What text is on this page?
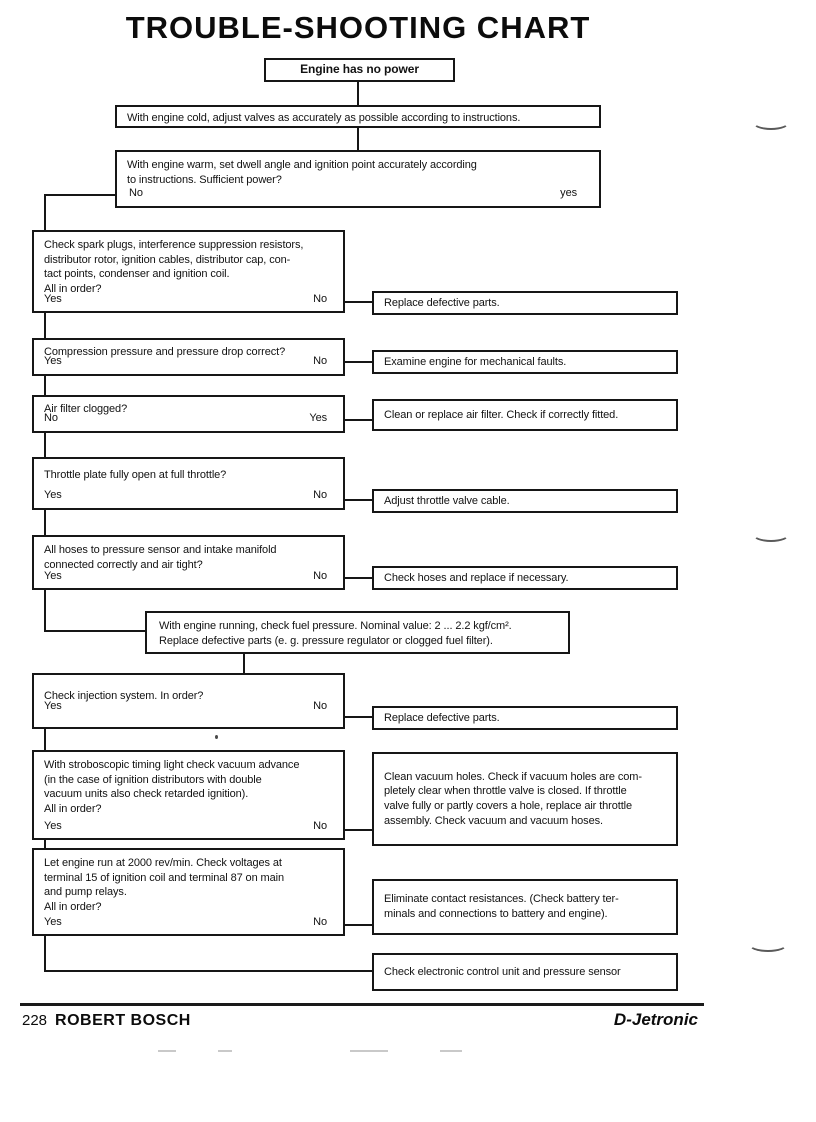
TROUBLE-SHOOTING CHART
Engine has no power
With engine cold, adjust valves as accurately as possible according to instructions.
With engine warm, set dwell angle and ignition point accurately according
to instructions. Sufficient power?
No	yes
Check spark plugs, interference suppression resistors,
distributor rotor, ignition cables, distributor cap, con-
tact points, condenser and ignition coil.
All in order?
Yes	No	Replace defective parts.
Compression pressure and pressure drop correct?
Yes	No	Examine engine for mechanical faults.
Air filter clogged?
No	Yes	Clean or replace air filter. Check if correctly fitted.
Throttle plate fully open at full throttle?
Yes	No	Adjust throttle valve cable.
All hoses to pressure sensor and intake manifold
connected correctly and air tight?
Yes	No	Check hoses and replace if necessary.
With engine running, check fuel pressure. Nominal value: 2 ... 2.2 kgf/cm².
Replace defective parts (e. g. pressure regulator or clogged fuel filter).
Check injection system. In order?
Yes	No
Replace defective parts.
With stroboscopic timing light check vacuum advance
(in the case of ignition distributors with double
vacuum units also check retarded ignition).
All in order?
Yes	No
Clean vacuum holes. Check if vacuum holes are com-
pletely clear when throttle valve is closed. If throttle
valve fully or partly covers a hole, replace air throttle
assembly. Check vacuum and vacuum hoses.
Let engine run at 2000 rev/min. Check voltages at
terminal 15 of ignition coil and terminal 87 on main
and pump relays.
All in order?
Yes	No
Eliminate contact resistances. (Check battery ter-
minals and connections to battery and engine).
Check electronic control unit and pressure sensor
228 ROBERT BOSCH	D-Jetronic
